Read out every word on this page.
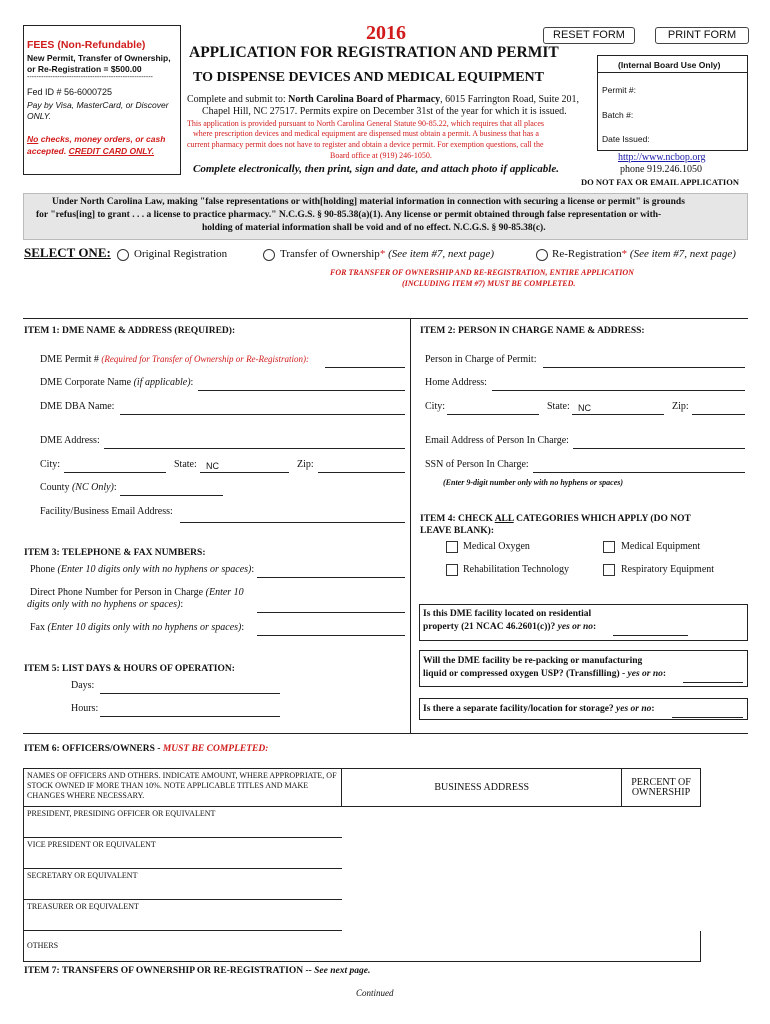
FEES (Non-Refundable)
New Permit, Transfer of Ownership,
or Re-Registration = $500.00
------------------------------------------------------
Fed ID # 56-6000725
Pay by Visa, MasterCard, or Discover
ONLY.
No checks, money orders, or cash
accepted. CREDIT CARD ONLY.
2016
APPLICATION FOR REGISTRATION AND PERMIT
TO DISPENSE DEVICES AND MEDICAL EQUIPMENT
Complete and submit to: North Carolina Board of Pharmacy, 6015 Farrington Road, Suite 201,
Chapel Hill, NC 27517. Permits expire on December 31st of the year for which it is issued.
This application is provided pursuant to North Carolina General Statute 90-85.22, which requires that all places
where prescription devices and medical equipment are dispensed must obtain a permit. A business that has a
current pharmacy permit does not have to register and obtain a device permit. For exemption questions, call the
Board office at (919) 246-1050.
Complete electronically, then print, sign and date, and attach photo if applicable.
RESET FORM	PRINT FORM
(Internal Board Use Only)
Permit #:
Batch #:
Date Issued:
http://www.ncbop.org
phone 919.246.1050
DO NOT FAX OR EMAIL APPLICATION
Under North Carolina Law, making "false representations or with[holding] material information in connection with securing a license or permit" is grounds
for "refus[ing] to grant . . . a license to practice pharmacy." N.C.G.S. § 90-85.38(a)(1). Any license or permit obtained through false representation or with-
holding of material information shall be void and of no effect. N.C.G.S. § 90-85.38(c).
SELECT ONE: Original Registration	Transfer of Ownership* (See item #7, next page)	Re-Registration* (See item #7, next page)
FOR TRANSFER OF OWNERSHIP AND RE-REGISTRATION, ENTIRE APPLICATION
(INCLUDING ITEM #7) MUST BE COMPLETED.
ITEM 1: DME NAME & ADDRESS (REQUIRED):
DME Permit # (Required for Transfer of Ownership or Re-Registration):
DME Corporate Name (if applicable):
DME DBA Name:
DME Address:
City:	State: NC	Zip:
County (NC Only):
Facility/Business Email Address:
ITEM 2: PERSON IN CHARGE NAME & ADDRESS:
Person in Charge of Permit:
Home Address:
City:	State: NC	Zip:
Email Address of Person In Charge:
SSN of Person In Charge:
(Enter 9-digit number only with no hyphens or spaces)
ITEM 3: TELEPHONE & FAX NUMBERS:
Phone (Enter 10 digits only with no hyphens or spaces):
Direct Phone Number for Person in Charge (Enter 10
digits only with no hyphens or spaces):
Fax (Enter 10 digits only with no hyphens or spaces):
ITEM 4: CHECK ALL CATEGORIES WHICH APPLY (DO NOT
LEAVE BLANK):
Medical Oxygen	Medical Equipment
Rehabilitation Technology	Respiratory Equipment
Is this DME facility located on residential
property (21 NCAC 46.2601(c))? yes or no:
Will the DME facility be re-packing or manufacturing
liquid or compressed oxygen USP? (Transfilling) - yes or no:
Is there a separate facility/location for storage? yes or no:
ITEM 5: LIST DAYS & HOURS OF OPERATION:
Days:
Hours:
ITEM 6: OFFICERS/OWNERS - MUST BE COMPLETED:
NAMES OF OFFICERS AND OTHERS. INDICATE AMOUNT, WHERE APPROPRIATE, OF STOCK OWNED IF MORE THAN 10%. NOTE APPLICABLE TITLES AND MAKE CHANGES WHERE NECESSARY.	BUSINESS ADDRESS	PERCENT OF OWNERSHIP
PRESIDENT, PRESIDING OFFICER OR EQUIVALENT		
VICE PRESIDENT OR EQUIVALENT		
SECRETARY OR EQUIVALENT		
TREASURER OR EQUIVALENT		
OTHERS		
ITEM 7: TRANSFERS OF OWNERSHIP OR RE-REGISTRATION -- See next page.
Continued
